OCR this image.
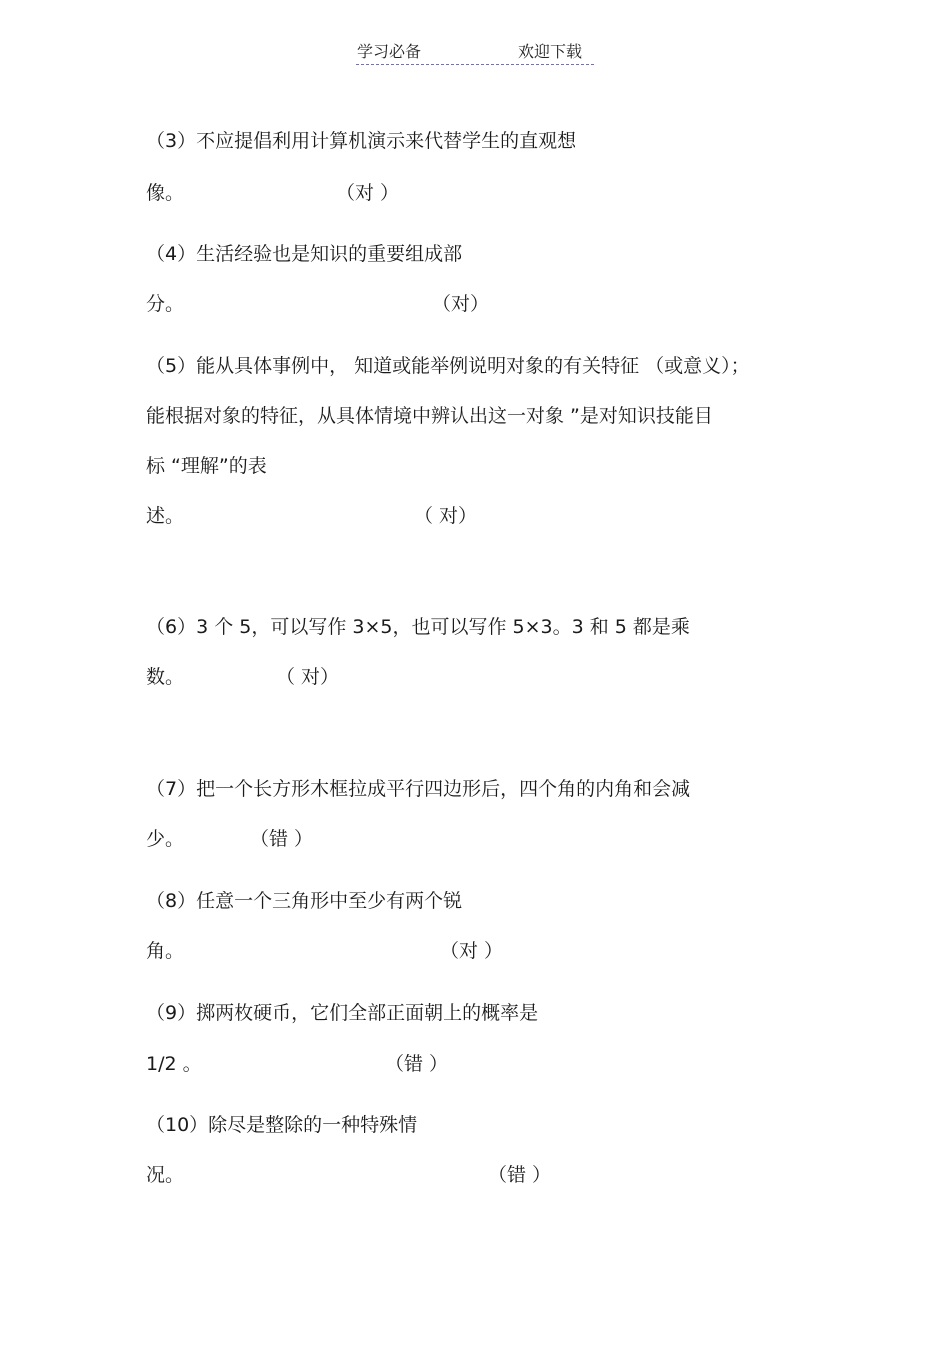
学习必备	欢迎下载
（3）不应提倡利用计算机演示来代替学生的直观想
像。	（对 ）
（4）生活经验也是知识的重要组成部
分。	（对）
（5）能从具体事例中， 知道或能举例说明对象的有关特征 （或意义）；
能根据对象的特征，从具体情境中辨认出这一对象 ”是对知识技能目
标 “理解”的表
述。	（ 对）
（6）3 个 5，可以写作 3×5，也可以写作 5×3。3 和 5 都是乘
数。	（ 对）
（7）把一个长方形木框拉成平行四边形后，四个角的内角和会减
少。	（错 ）
（8）任意一个三角形中至少有两个锐
角。	（对 ）
（9）掷两枚硬币，它们全部正面朝上的概率是
1/2 。	（错 ）
（10）除尽是整除的一种特殊情
况。	（错 ）
